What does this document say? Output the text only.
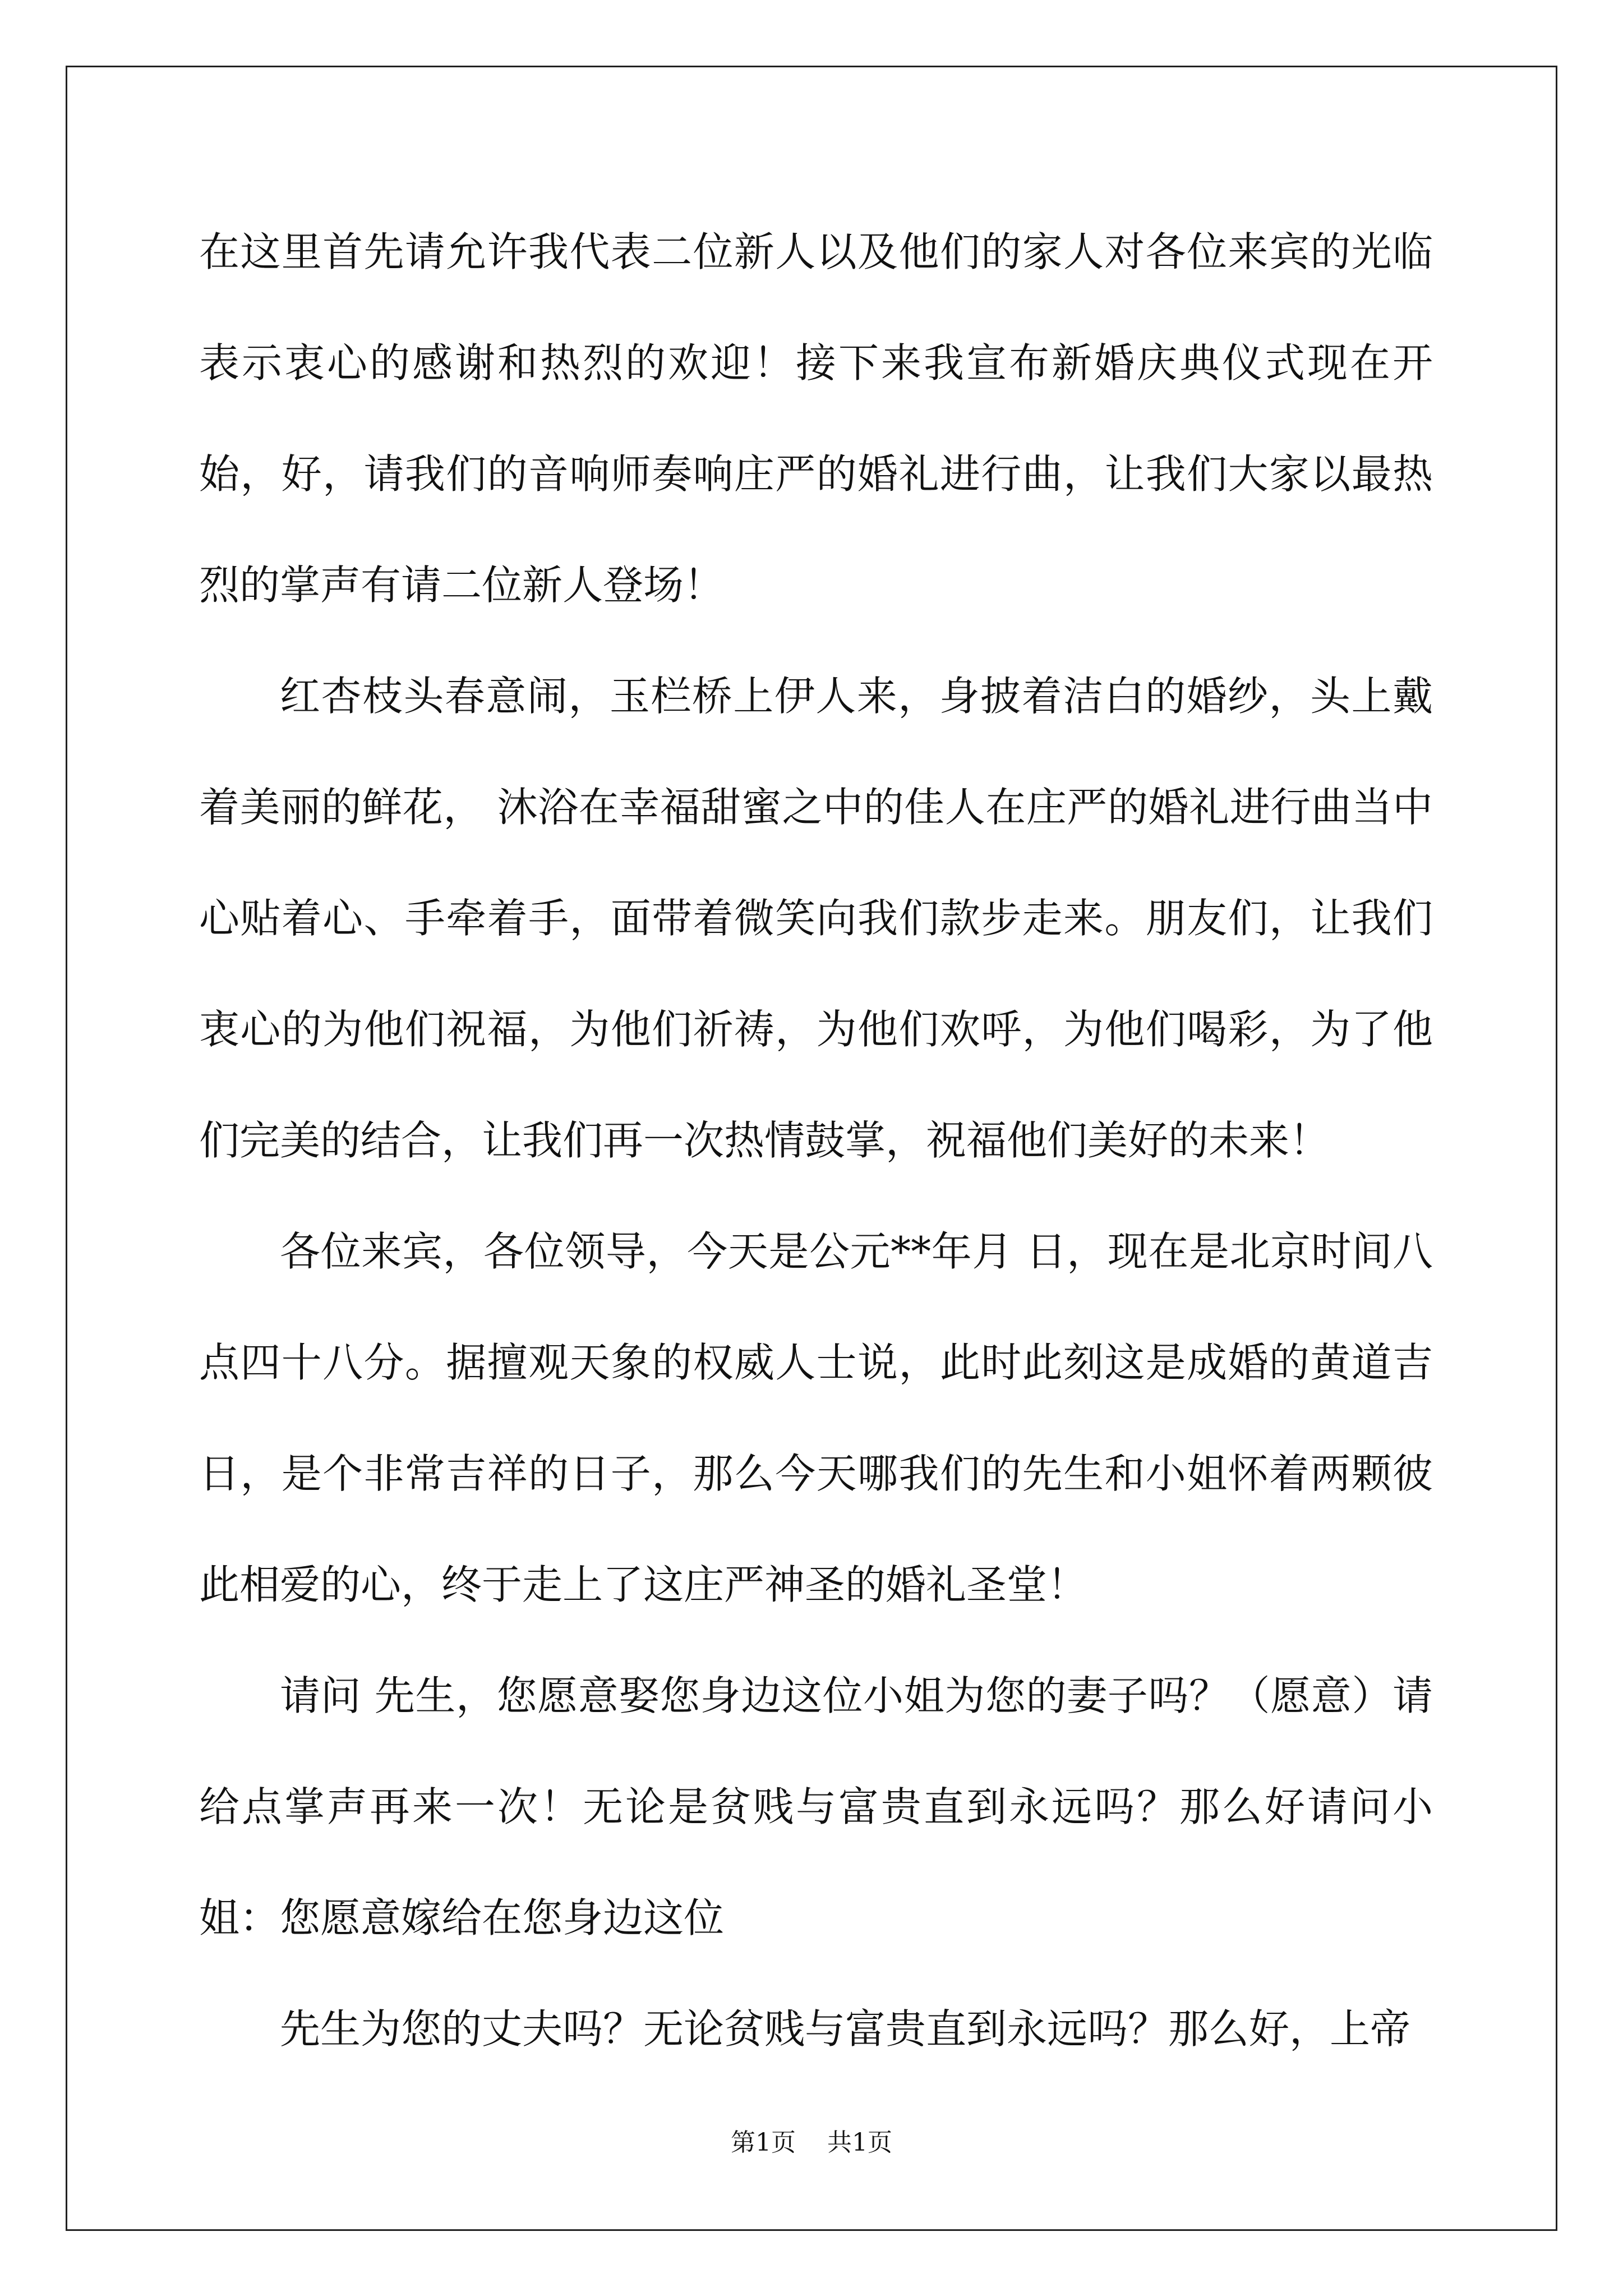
在这里首先请允许我代表二位新人以及他们的家人对各位来宾的光临表示衷心的感谢和热烈的欢迎！接下来我宣布新婚庆典仪式现在开始，好，请我们的音响师奏响庄严的婚礼进行曲，让我们大家以最热烈的掌声有请二位新人登场！

红杏枝头春意闹，玉栏桥上伊人来，身披着洁白的婚纱，头上戴着美丽的鲜花， 沐浴在幸福甜蜜之中的佳人在庄严的婚礼进行曲当中心贴着心、手牵着手，面带着微笑向我们款步走来。朋友们，让我们衷心的为他们祝福，为他们祈祷，为他们欢呼，为他们喝彩，为了他们完美的结合，让我们再一次热情鼓掌，祝福他们美好的未来！

各位来宾，各位领导，今天是公元**年月 日，现在是北京时间八点四十八分。据擅观天象的权威人士说，此时此刻这是成婚的黄道吉日，是个非常吉祥的日子，那么今天哪我们的先生和小姐怀着两颗彼此相爱的心，终于走上了这庄严神圣的婚礼圣堂！

请问 先生，您愿意娶您身边这位小姐为您的妻子吗？（愿意）请给点掌声再来一次！无论是贫贱与富贵直到永远吗？那么好请问小姐：您愿意嫁给在您身边这位

先生为您的丈夫吗？无论贫贱与富贵直到永远吗？那么好，上帝

第1页 共1页
